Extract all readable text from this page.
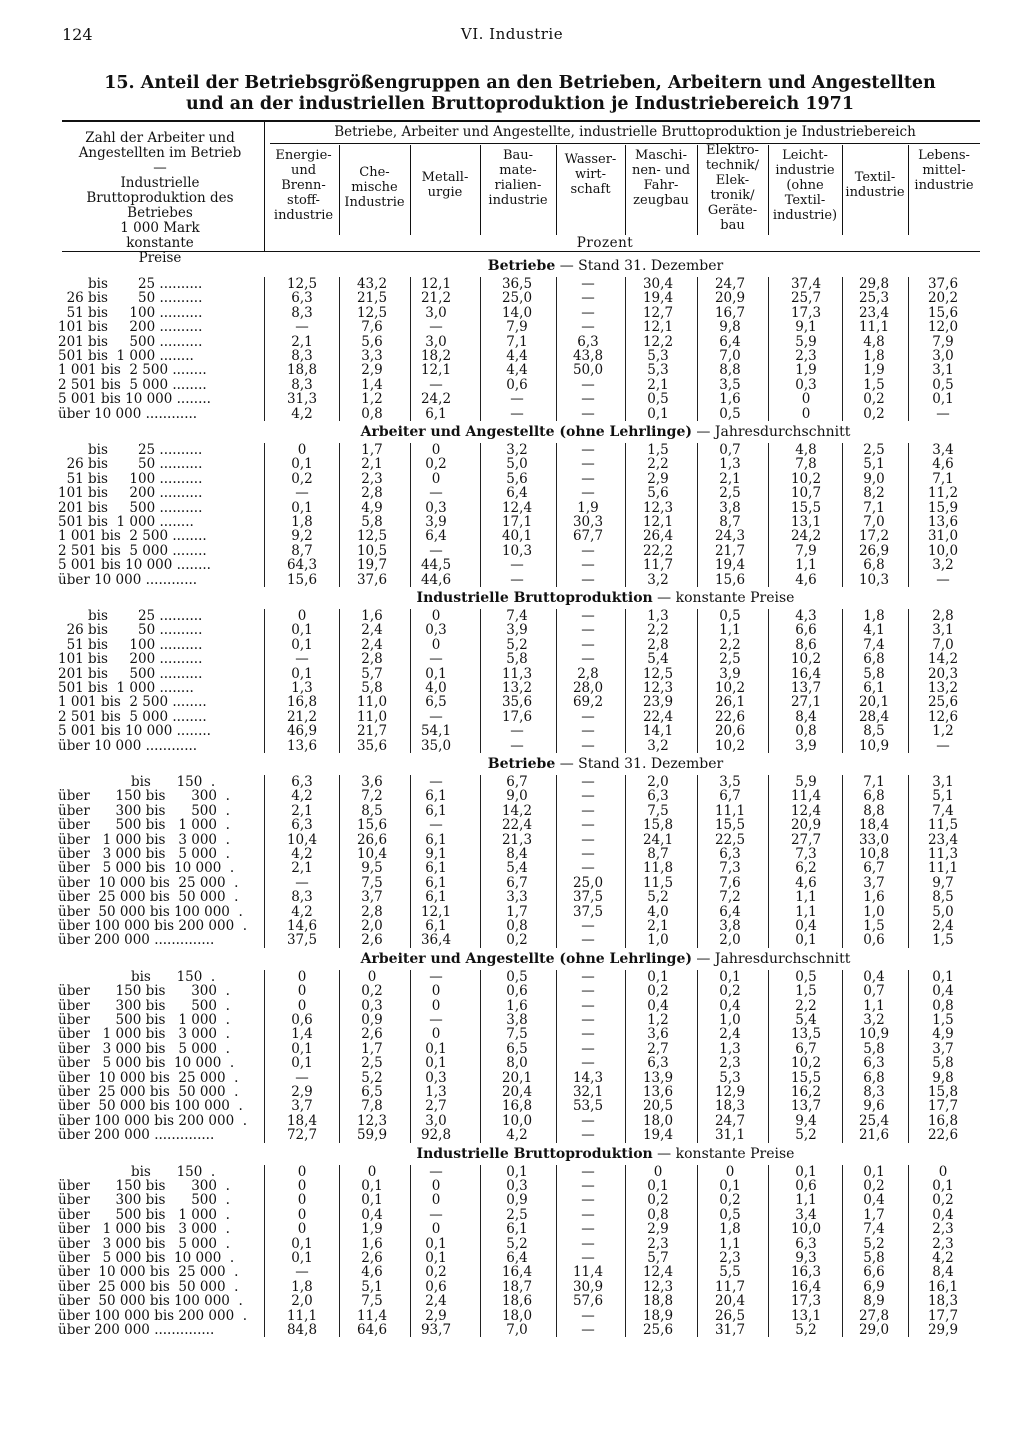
124	VI. Industrie
15. Anteil der Betriebsgrößengruppen an den Betrieben, Arbeitern und Angestellten
und an der industriellen Bruttoproduktion je Industriebereich 1971
Zahl der Arbeiter und Angestellten im Betrieb
—
Industrielle Bruttoproduktion des Betriebes
1 000 Mark konstante Preise
Betriebe, Arbeiter und Angestellte, industrielle Bruttoproduktion je Industriebereich
Prozent
Energie- und Brenn- stoff- industrie
Che- mische Industrie
Metall- urgie
Bau- mate- rialien- industrie
Wasser- wirt- schaft
Maschi- nen- und Fahr- zeugbau
Elektro- technik/ Elek- tronik/ Geräte- bau
Leicht- industrie (ohne Textil- industrie)
Textil- industrie
Lebens- mittel- industrie
Betriebe — Stand 31. Dezember
bis       25 ..........	12,5	43,2	12,1	36,5	—	30,4	24,7	37,4	29,8	37,6
26 bis       50 ..........	6,3	21,5	21,2	25,0	—	19,4	20,9	25,7	25,3	20,2
51 bis     100 ..........	8,3	12,5	3,0	14,0	—	12,7	16,7	17,3	23,4	15,6
101 bis     200 ..........	—	7,6	—	7,9	—	12,1	9,8	9,1	11,1	12,0
201 bis     500 ..........	2,1	5,6	3,0	7,1	6,3	12,2	6,4	5,9	4,8	7,9
501 bis  1 000 ........	8,3	3,3	18,2	4,4	43,8	5,3	7,0	2,3	1,8	3,0
1 001 bis  2 500 ........	18,8	2,9	12,1	4,4	50,0	5,3	8,8	1,9	1,9	3,1
2 501 bis  5 000 ........	8,3	1,4	—	0,6	—	2,1	3,5	0,3	1,5	0,5
5 001 bis 10 000 ........	31,3	1,2	24,2	—	—	0,5	1,6	0	0,2	0,1
über 10 000 ............	4,2	0,8	6,1	—	—	0,1	0,5	0	0,2	—
Arbeiter und Angestellte (ohne Lehrlinge) — Jahresdurchschnitt
bis       25 ..........	0	1,7	0	3,2	—	1,5	0,7	4,8	2,5	3,4
26 bis       50 ..........	0,1	2,1	0,2	5,0	—	2,2	1,3	7,8	5,1	4,6
51 bis     100 ..........	0,2	2,3	0	5,6	—	2,9	2,1	10,2	9,0	7,1
101 bis     200 ..........	—	2,8	—	6,4	—	5,6	2,5	10,7	8,2	11,2
201 bis     500 ..........	0,1	4,9	0,3	12,4	1,9	12,3	3,8	15,5	7,1	15,9
501 bis  1 000 ........	1,8	5,8	3,9	17,1	30,3	12,1	8,7	13,1	7,0	13,6
1 001 bis  2 500 ........	9,2	12,5	6,4	40,1	67,7	26,4	24,3	24,2	17,2	31,0
2 501 bis  5 000 ........	8,7	10,5	—	10,3	—	22,2	21,7	7,9	26,9	10,0
5 001 bis 10 000 ........	64,3	19,7	44,5	—	—	11,7	19,4	1,1	6,8	3,2
über 10 000 ............	15,6	37,6	44,6	—	—	3,2	15,6	4,6	10,3	—
Industrielle Bruttoproduktion — konstante Preise
bis       25 ..........	0	1,6	0	7,4	—	1,3	0,5	4,3	1,8	2,8
26 bis       50 ..........	0,1	2,4	0,3	3,9	—	2,2	1,1	6,6	4,1	3,1
51 bis     100 ..........	0,1	2,4	0	5,2	—	2,8	2,2	8,6	7,4	7,0
101 bis     200 ..........	—	2,8	—	5,8	—	5,4	2,5	10,2	6,8	14,2
201 bis     500 ..........	0,1	5,7	0,1	11,3	2,8	12,5	3,9	16,4	5,8	20,3
501 bis  1 000 ........	1,3	5,8	4,0	13,2	28,0	12,3	10,2	13,7	6,1	13,2
1 001 bis  2 500 ........	16,8	11,0	6,5	35,6	69,2	23,9	26,1	27,1	20,1	25,6
2 501 bis  5 000 ........	21,2	11,0	—	17,6	—	22,4	22,6	8,4	28,4	12,6
5 001 bis 10 000 ........	46,9	21,7	54,1	—	—	14,1	20,6	0,8	8,5	1,2
über 10 000 ............	13,6	35,6	35,0	—	—	3,2	10,2	3,9	10,9	—
Betriebe — Stand 31. Dezember
bis      150  .	6,3	3,6	—	6,7	—	2,0	3,5	5,9	7,1	3,1
über      150 bis      300  .	4,2	7,2	6,1	9,0	—	6,3	6,7	11,4	6,8	5,1
über      300 bis      500  .	2,1	8,5	6,1	14,2	—	7,5	11,1	12,4	8,8	7,4
über      500 bis   1 000  .	6,3	15,6	—	22,4	—	15,8	15,5	20,9	18,4	11,5
über   1 000 bis   3 000  .	10,4	26,6	6,1	21,3	—	24,1	22,5	27,7	33,0	23,4
über   3 000 bis   5 000  .	4,2	10,4	9,1	8,4	—	8,7	6,3	7,3	10,8	11,3
über   5 000 bis  10 000  .	2,1	9,5	6,1	5,4	—	11,8	7,3	6,2	6,7	11,1
über  10 000 bis  25 000  .	—	7,5	6,1	6,7	25,0	11,5	7,6	4,6	3,7	9,7
über  25 000 bis  50 000  .	8,3	3,7	6,1	3,3	37,5	5,2	7,2	1,1	1,6	8,5
über  50 000 bis 100 000  .	4,2	2,8	12,1	1,7	37,5	4,0	6,4	1,1	1,0	5,0
über 100 000 bis 200 000  .	14,6	2,0	6,1	0,8	—	2,1	3,8	0,4	1,5	2,4
über 200 000 ..............	37,5	2,6	36,4	0,2	—	1,0	2,0	0,1	0,6	1,5
Arbeiter und Angestellte (ohne Lehrlinge) — Jahresdurchschnitt
bis      150  .	0	0	—	0,5	—	0,1	0,1	0,5	0,4	0,1
über      150 bis      300  .	0	0,2	0	0,6	—	0,2	0,2	1,5	0,7	0,4
über      300 bis      500  .	0	0,3	0	1,6	—	0,4	0,4	2,2	1,1	0,8
über      500 bis   1 000  .	0,6	0,9	—	3,8	—	1,2	1,0	5,4	3,2	1,5
über   1 000 bis   3 000  .	1,4	2,6	0	7,5	—	3,6	2,4	13,5	10,9	4,9
über   3 000 bis   5 000  .	0,1	1,7	0,1	6,5	—	2,7	1,3	6,7	5,8	3,7
über   5 000 bis  10 000  .	0,1	2,5	0,1	8,0	—	6,3	2,3	10,2	6,3	5,8
über  10 000 bis  25 000  .	—	5,2	0,3	20,1	14,3	13,9	5,3	15,5	6,8	9,8
über  25 000 bis  50 000  .	2,9	6,5	1,3	20,4	32,1	13,6	12,9	16,2	8,3	15,8
über  50 000 bis 100 000  .	3,7	7,8	2,7	16,8	53,5	20,5	18,3	13,7	9,6	17,7
über 100 000 bis 200 000  .	18,4	12,3	3,0	10,0	—	18,0	24,7	9,4	25,4	16,8
über 200 000 ..............	72,7	59,9	92,8	4,2	—	19,4	31,1	5,2	21,6	22,6
Industrielle Bruttoproduktion — konstante Preise
bis      150  .	0	0	—	0,1	—	0	0	0,1	0,1	0
über      150 bis      300  .	0	0,1	0	0,3	—	0,1	0,1	0,6	0,2	0,1
über      300 bis      500  .	0	0,1	0	0,9	—	0,2	0,2	1,1	0,4	0,2
über      500 bis   1 000  .	0	0,4	—	2,5	—	0,8	0,5	3,4	1,7	0,4
über   1 000 bis   3 000  .	0	1,9	0	6,1	—	2,9	1,8	10,0	7,4	2,3
über   3 000 bis   5 000  .	0,1	1,6	0,1	5,2	—	2,3	1,1	6,3	5,2	2,3
über   5 000 bis  10 000  .	0,1	2,6	0,1	6,4	—	5,7	2,3	9,3	5,8	4,2
über  10 000 bis  25 000  .	—	4,6	0,2	16,4	11,4	12,4	5,5	16,3	6,6	8,4
über  25 000 bis  50 000  .	1,8	5,1	0,6	18,7	30,9	12,3	11,7	16,4	6,9	16,1
über  50 000 bis 100 000  .	2,0	7,5	2,4	18,6	57,6	18,8	20,4	17,3	8,9	18,3
über 100 000 bis 200 000  .	11,1	11,4	2,9	18,0	—	18,9	26,5	13,1	27,8	17,7
über 200 000 ..............	84,8	64,6	93,7	7,0	—	25,6	31,7	5,2	29,0	29,9
